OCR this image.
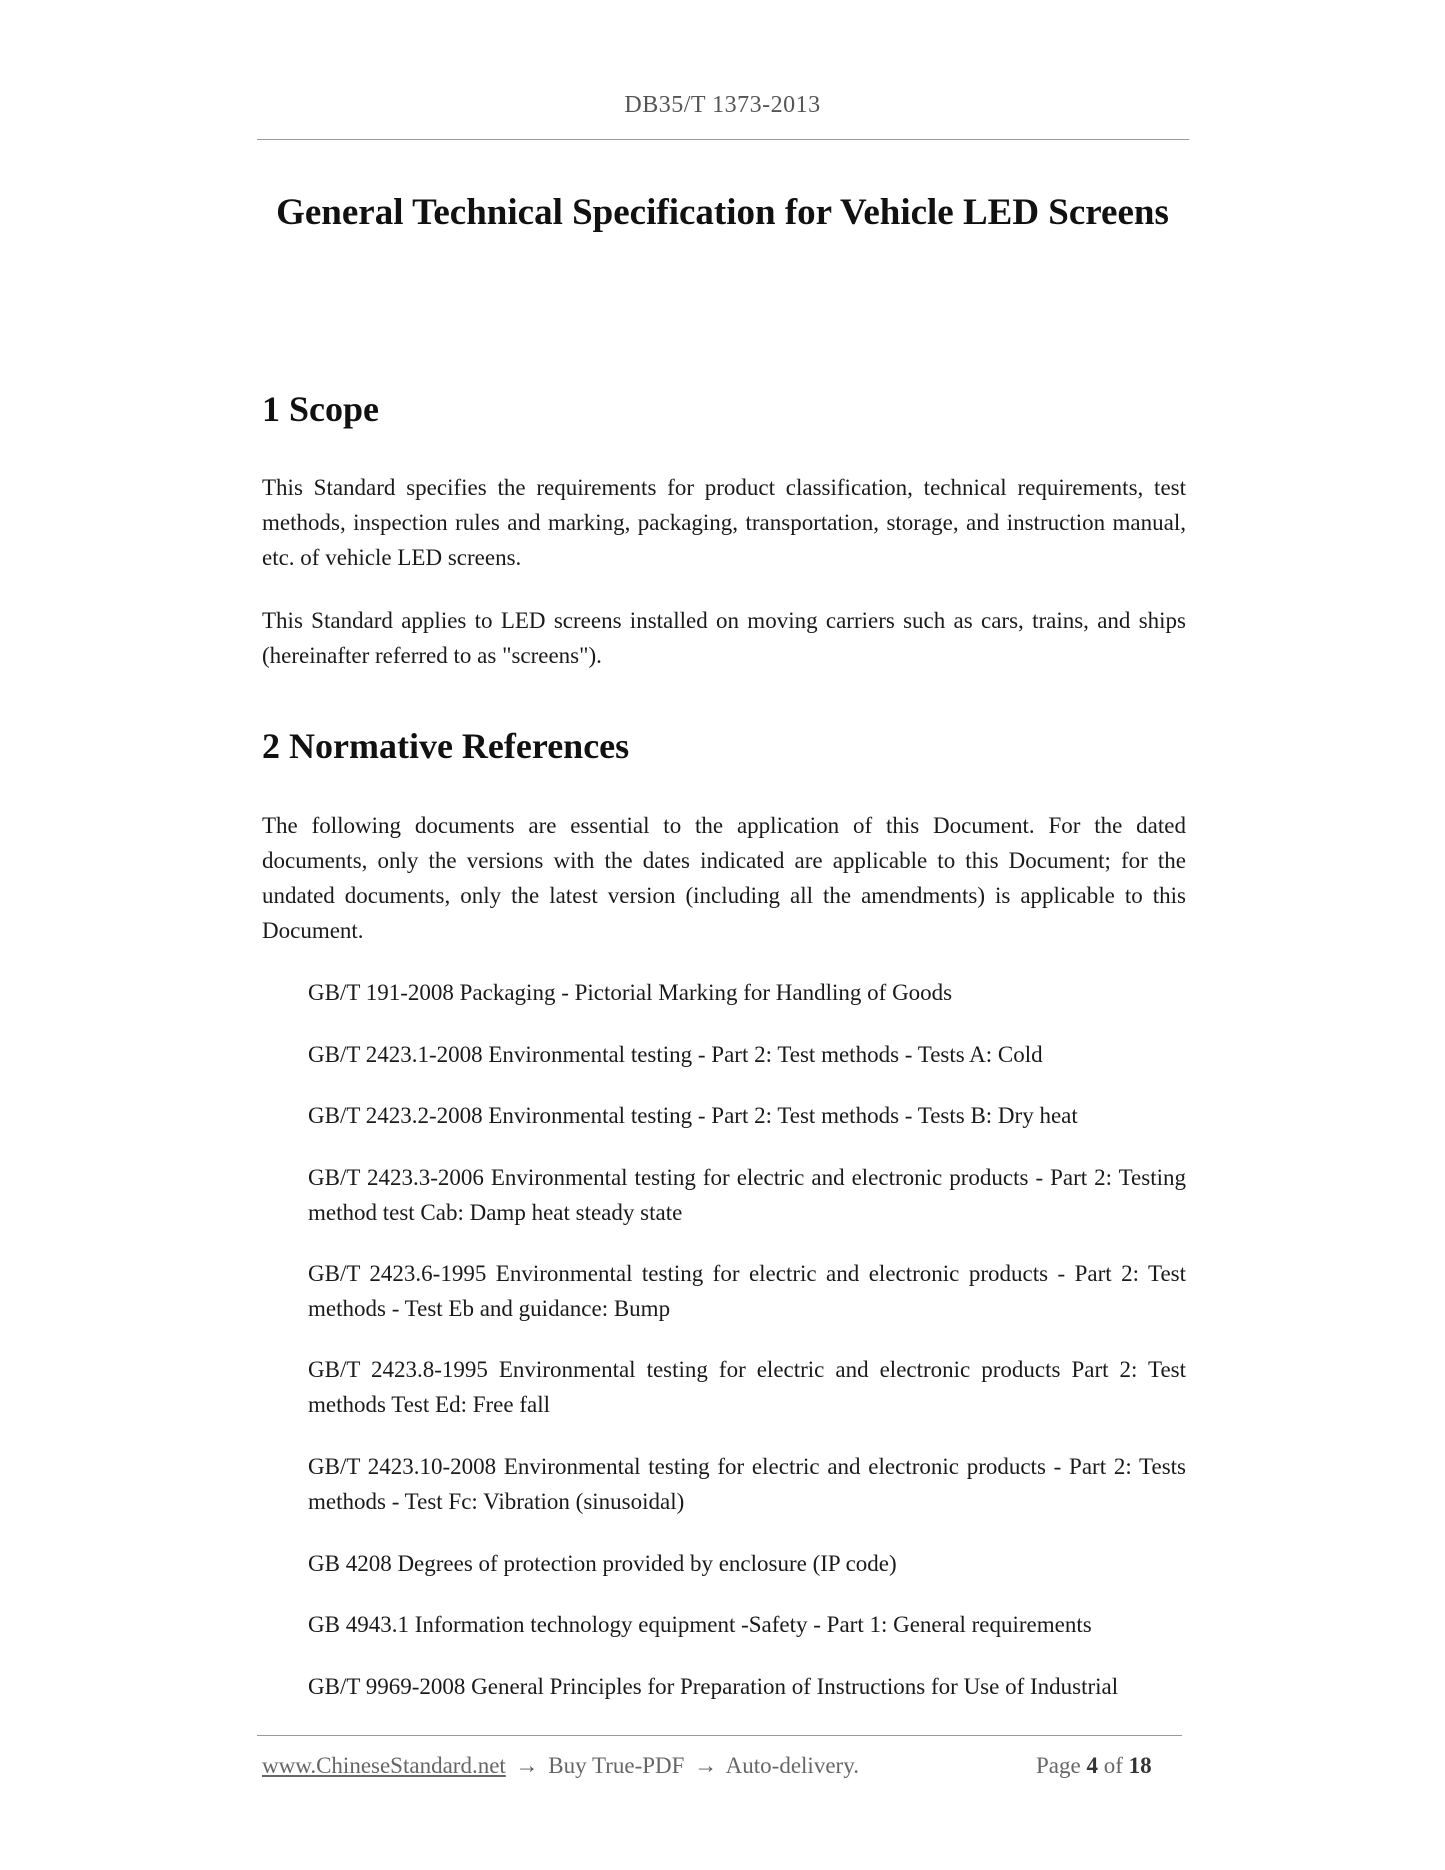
DB35/T 1373-2013
General Technical Specification for Vehicle LED Screens
1 Scope

This Standard specifies the requirements for product classification, technical requirements, test methods, inspection rules and marking, packaging, transportation, storage, and instruction manual, etc. of vehicle LED screens.

This Standard applies to LED screens installed on moving carriers such as cars, trains, and ships (hereinafter referred to as "screens").

2 Normative References

The following documents are essential to the application of this Document. For the dated documents, only the versions with the dates indicated are applicable to this Document; for the undated documents, only the latest version (including all the amendments) is applicable to this Document.

GB/T 191-2008 Packaging - Pictorial Marking for Handling of Goods

GB/T 2423.1-2008 Environmental testing - Part 2: Test methods - Tests A: Cold

GB/T 2423.2-2008 Environmental testing - Part 2: Test methods - Tests B: Dry heat

GB/T 2423.3-2006 Environmental testing for electric and electronic products - Part 2: Testing method test Cab: Damp heat steady state

GB/T 2423.6-1995 Environmental testing for electric and electronic products - Part 2: Test methods - Test Eb and guidance: Bump

GB/T 2423.8-1995 Environmental testing for electric and electronic products Part 2: Test methods Test Ed: Free fall

GB/T 2423.10-2008 Environmental testing for electric and electronic products - Part 2: Tests methods - Test Fc: Vibration (sinusoidal)

GB 4208 Degrees of protection provided by enclosure (IP code)

GB 4943.1 Information technology equipment -Safety - Part 1: General requirements

GB/T 9969-2008 General Principles for Preparation of Instructions for Use of Industrial

www.ChineseStandard.net → Buy True-PDF → Auto-delivery.	Page 4 of 18
